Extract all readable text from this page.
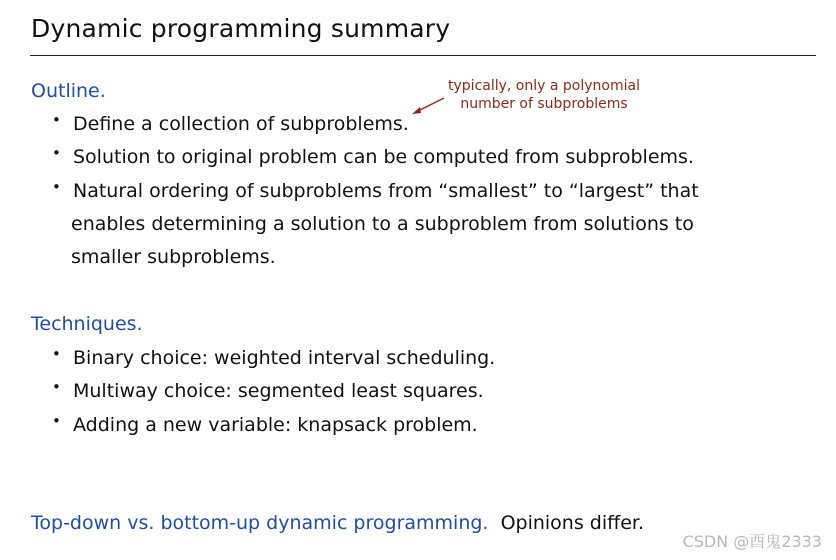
Dynamic programming summary
Outline.	typically, only a polynomial
number of subproblems
• Define a collection of subproblems.
• Solution to original problem can be computed from subproblems.
• Natural ordering of subproblems from “smallest” to “largest” that
enables determining a solution to a subproblem from solutions to
smaller subproblems.
Techniques.
• Binary choice: weighted interval scheduling.
• Multiway choice: segmented least squares.
• Adding a new variable: knapsack problem.
Top-down vs. bottom-up dynamic programming. Opinions differ.
CSDN @酉鬼2333
